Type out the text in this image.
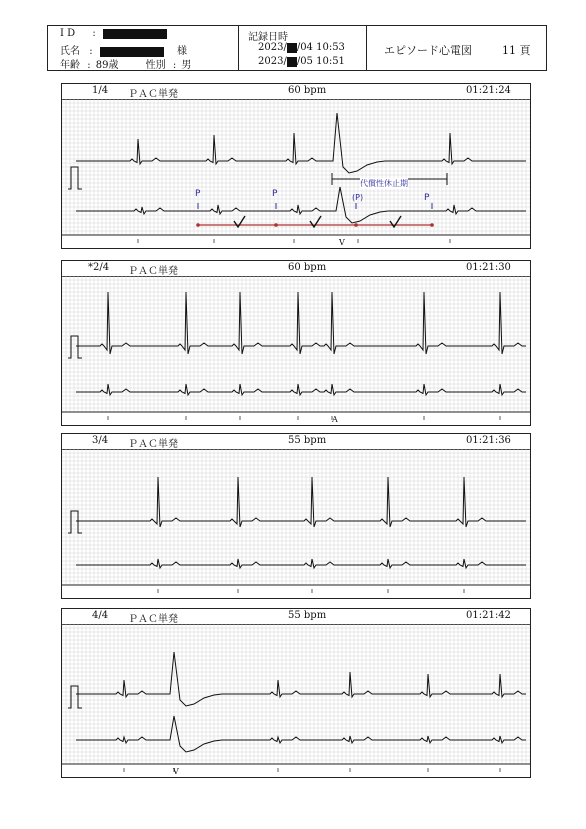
I D :
氏名 :	様
年齢 : 89歳	性別 : 男
記録日時
2023/ /04 10:53
2023/ /05 10:51
エピソード心電図	11 頁
1/4 ＰＡＣ単発	60 bpm	01:21:24
P	P	(P)	P
代償性休止期
V
*2/4 ＰＡＣ単発	60 bpm	01:21:30
A
3/4 ＰＡＣ単発	55 bpm	01:21:36
4/4 ＰＡＣ単発	55 bpm	01:21:42
V
